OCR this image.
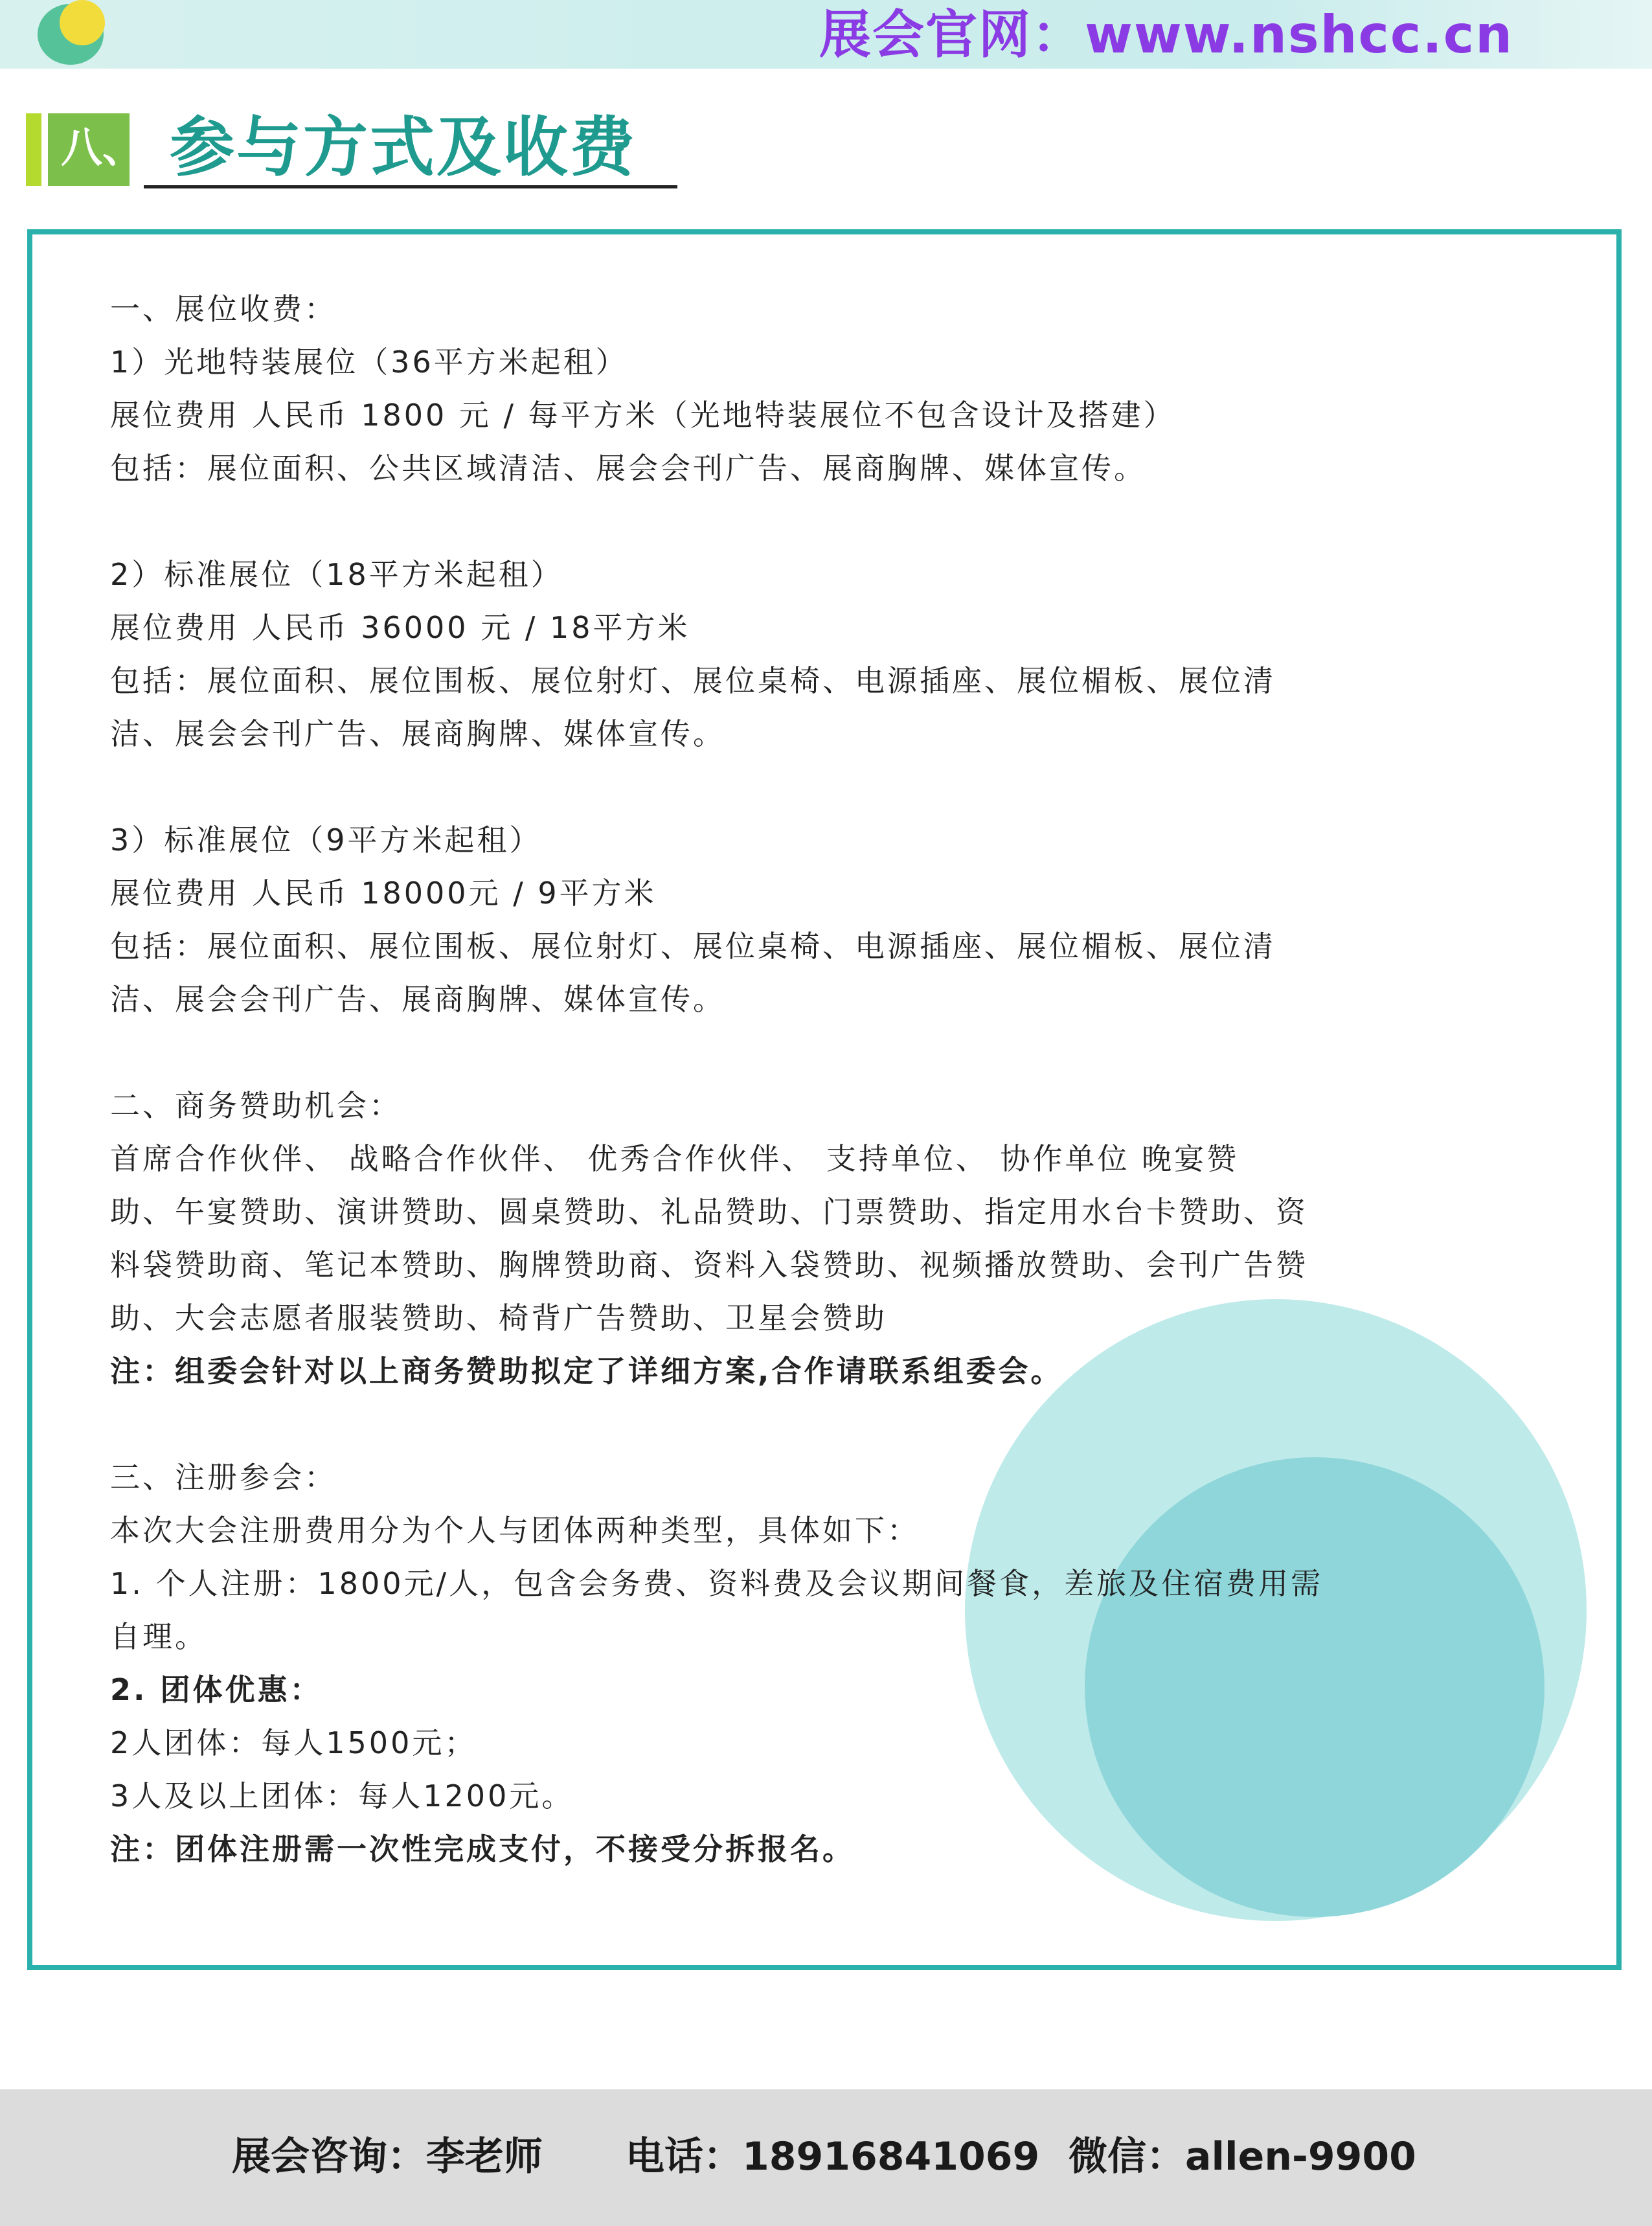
展会官网：www.nshcc.cn
八、 参与方式及收费
一、展位收费：
1）光地特装展位（36平方米起租）
展位费用 人民币 1800 元 / 每平方米（光地特装展位不包含设计及搭建）
包括：展位面积、公共区域清洁、展会会刊广告、展商胸牌、媒体宣传。
2）标准展位（18平方米起租）
展位费用 人民币 36000 元 / 18平方米
包括：展位面积、展位围板、展位射灯、展位桌椅、电源插座、展位楣板、展位清
洁、展会会刊广告、展商胸牌、媒体宣传。
3）标准展位（9平方米起租）
展位费用 人民币 18000元 / 9平方米
包括：展位面积、展位围板、展位射灯、展位桌椅、电源插座、展位楣板、展位清
洁、展会会刊广告、展商胸牌、媒体宣传。
二、商务赞助机会：
首席合作伙伴、 战略合作伙伴、 优秀合作伙伴、 支持单位、 协作单位 晚宴赞
助、午宴赞助、演讲赞助、圆桌赞助、礼品赞助、门票赞助、指定用水台卡赞助、资
料袋赞助商、笔记本赞助、胸牌赞助商、资料入袋赞助、视频播放赞助、会刊广告赞
助、大会志愿者服装赞助、椅背广告赞助、卫星会赞助
注：组委会针对以上商务赞助拟定了详细方案,合作请联系组委会。
三、注册参会：
本次大会注册费用分为个人与团体两种类型，具体如下：
1. 个人注册：1800元/人，包含会务费、资料费及会议期间餐食，差旅及住宿费用需
自理。
2. 团体优惠：
2人团体：每人1500元；
3人及以上团体：每人1200元。
注：团体注册需一次性完成支付，不接受分拆报名。
展会咨询：李老师 电话：18916841069 微信：allen-9900
